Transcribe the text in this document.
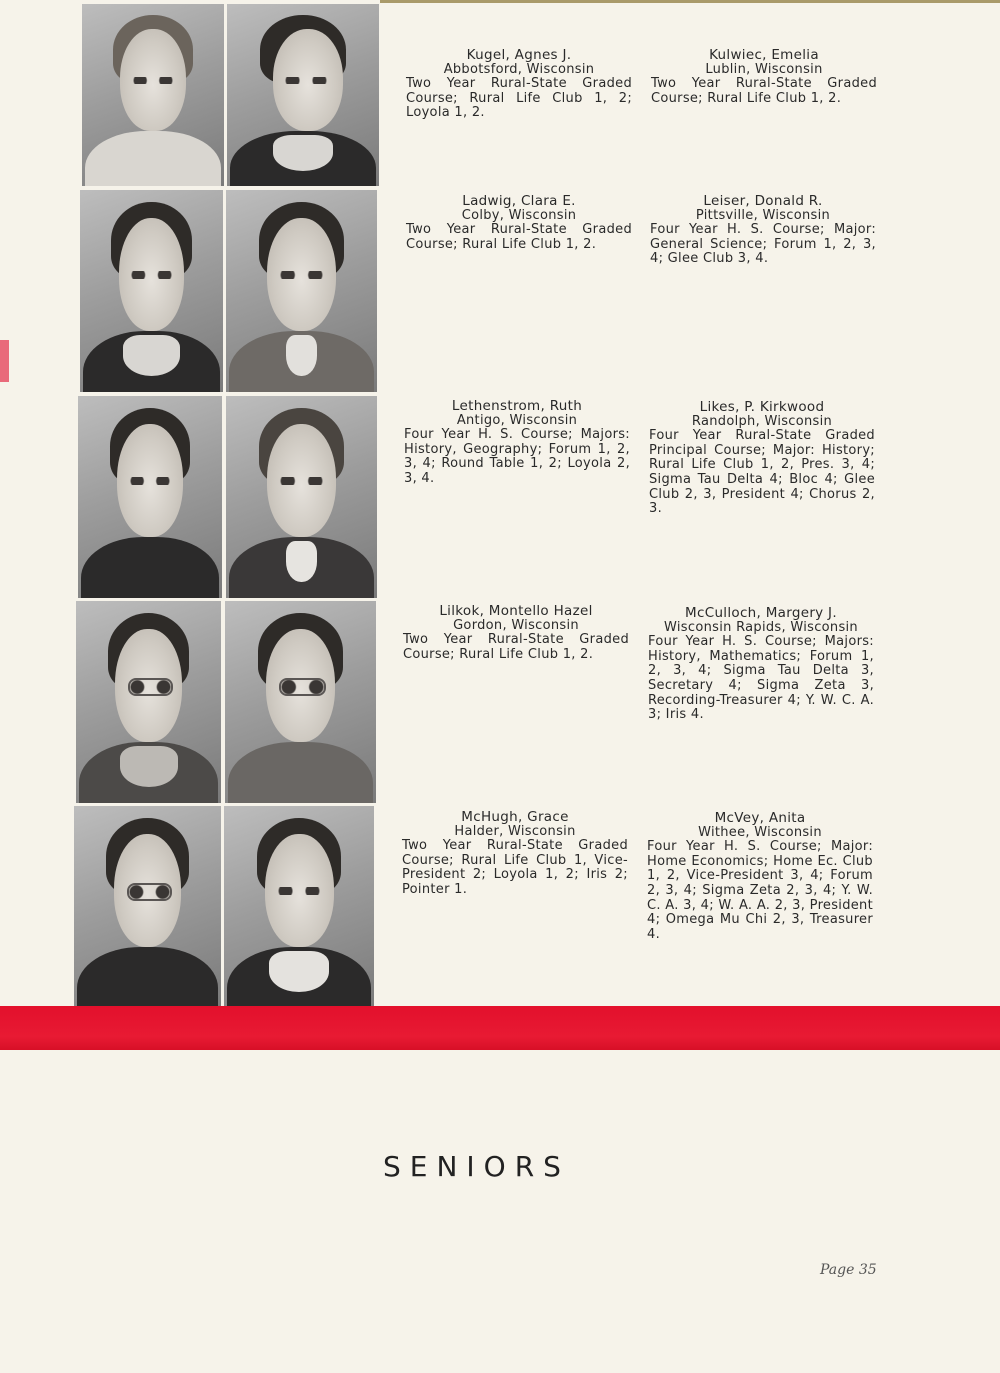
Kugel, Agnes J.
Abbotsford, Wisconsin
Two Year Rural-State Graded Course; Rural Life Club 1, 2; Loyola 1, 2.
Kulwiec, Emelia
Lublin, Wisconsin
Two Year Rural-State Graded Course; Rural Life Club 1, 2.
Ladwig, Clara E.
Colby, Wisconsin
Two Year Rural-State Graded Course; Rural Life Club 1, 2.
Leiser, Donald R.
Pittsville, Wisconsin
Four Year H. S. Course; Major: General Science; Forum 1, 2, 3, 4; Glee Club 3, 4.
Lethenstrom, Ruth
Antigo, Wisconsin
Four Year H. S. Course; Majors: History, Geography; Forum 1, 2, 3, 4; Round Table 1, 2; Loyola 2, 3, 4.
Likes, P. Kirkwood
Randolph, Wisconsin
Four Year Rural-State Graded Principal Course; Major: History; Rural Life Club 1, 2, Pres. 3, 4; Sigma Tau Delta 4; Bloc 4; Glee Club 2, 3, President 4; Chorus 2, 3.
Lilkok, Montello Hazel
Gordon, Wisconsin
Two Year Rural-State Graded Course; Rural Life Club 1, 2.
McCulloch, Margery J.
Wisconsin Rapids, Wisconsin
Four Year H. S. Course; Majors: History, Mathematics; Forum 1, 2, 3, 4; Sigma Tau Delta 3, Secretary 4; Sigma Zeta 3, Recording-Treasurer 4; Y. W. C. A. 3; Iris 4.
McHugh, Grace
Halder, Wisconsin
Two Year Rural-State Graded Course; Rural Life Club 1, Vice-President 2; Loyola 1, 2; Iris 2; Pointer 1.
McVey, Anita
Withee, Wisconsin
Four Year H. S. Course; Major: Home Economics; Home Ec. Club 1, 2, Vice-President 3, 4; Forum 2, 3, 4; Sigma Zeta 2, 3, 4; Y. W. C. A. 3, 4; W. A. A. 2, 3, President 4; Omega Mu Chi 2, 3, Treasurer 4.
SENIORS
Page 35
